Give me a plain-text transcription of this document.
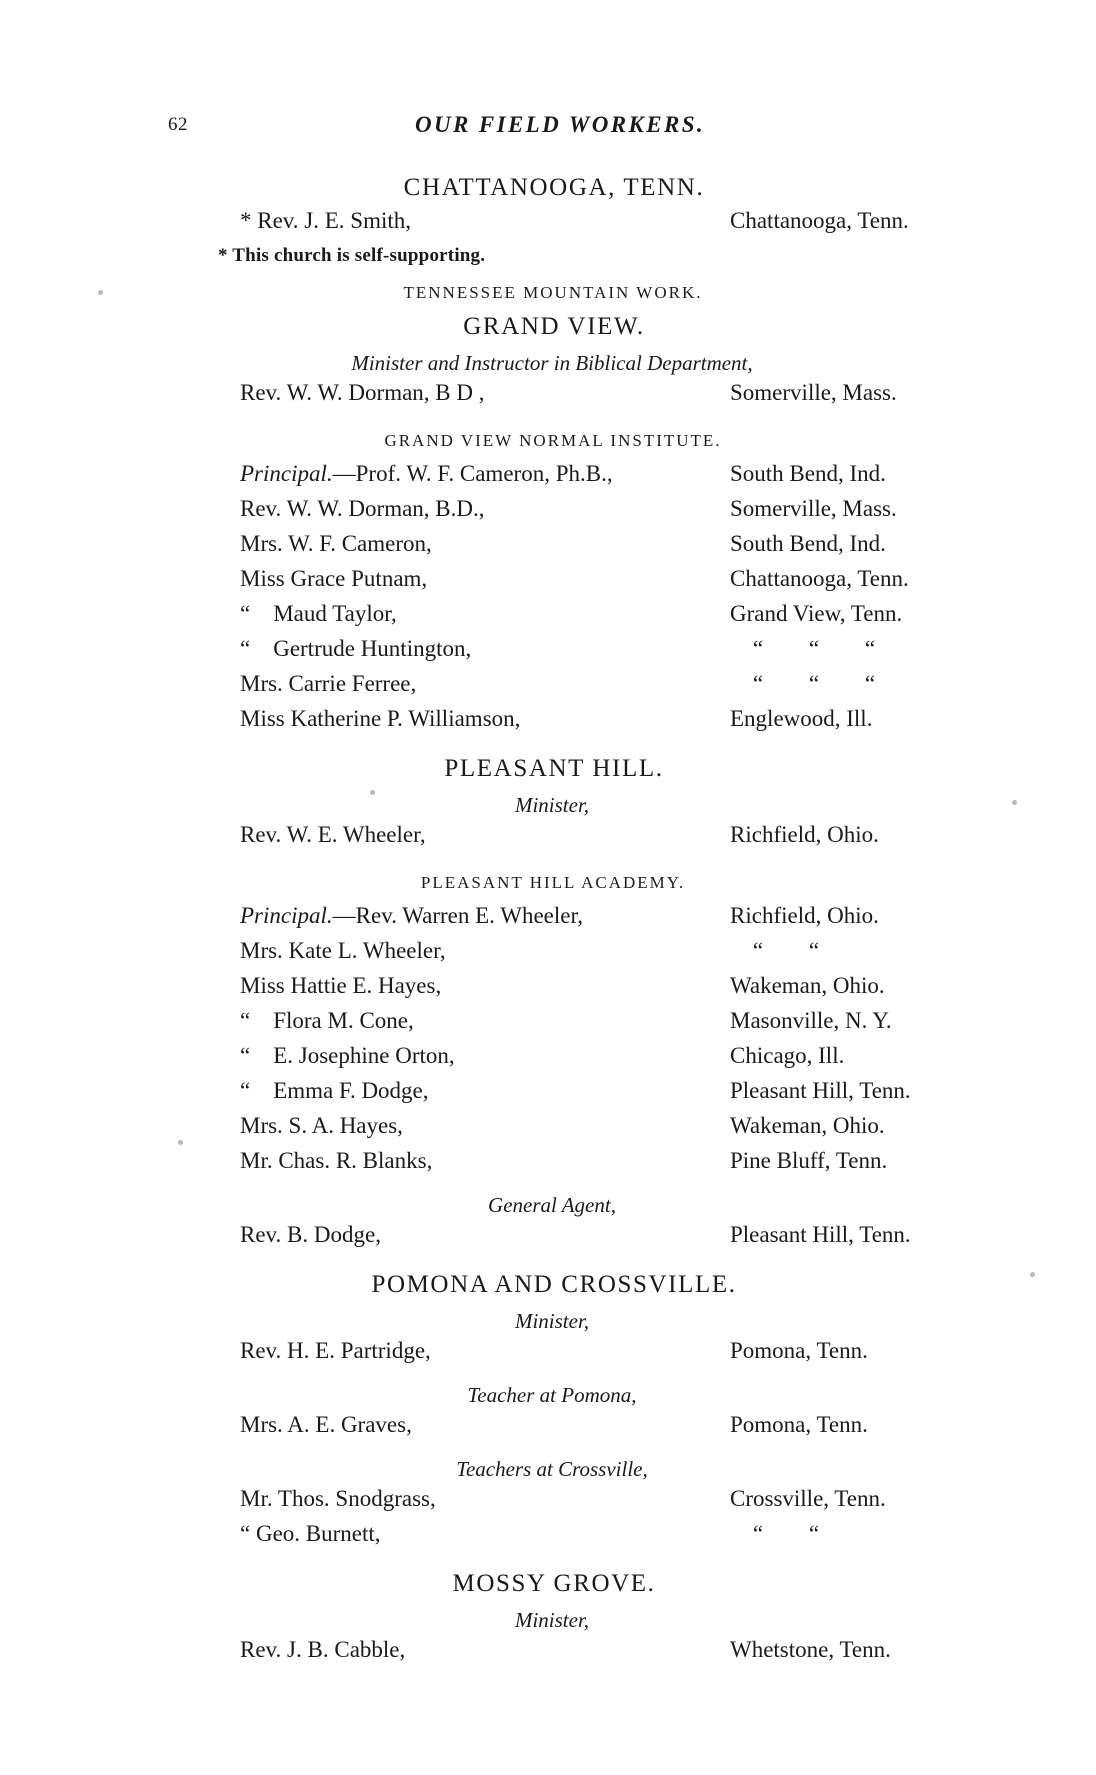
62	OUR FIELD WORKERS.
CHATTANOOGA, TENN.
* Rev. J. E. Smith,	Chattanooga, Tenn.
* This church is self-supporting.
TENNESSEE MOUNTAIN WORK.
GRAND VIEW.
Minister and Instructor in Biblical Department,
Rev. W. W. Dorman, B D ,	Somerville, Mass.
GRAND VIEW NORMAL INSTITUTE.
Principal.—Prof. W. F. Cameron, Ph.B.,	South Bend, Ind.
Rev. W. W. Dorman, B.D.,	Somerville, Mass.
Mrs. W. F. Cameron,	South Bend, Ind.
Miss Grace Putnam,	Chattanooga, Tenn.
“ Maud Taylor,	Grand View, Tenn.
“ Gertrude Huntington,	“ “ “
Mrs. Carrie Ferree,	“ “ “
Miss Katherine P. Williamson,	Englewood, Ill.
PLEASANT HILL.
Minister,
Rev. W. E. Wheeler,	Richfield, Ohio.
PLEASANT HILL ACADEMY.
Principal.—Rev. Warren E. Wheeler,	Richfield, Ohio.
Mrs. Kate L. Wheeler,	“ “
Miss Hattie E. Hayes,	Wakeman, Ohio.
“ Flora M. Cone,	Masonville, N. Y.
“ E. Josephine Orton,	Chicago, Ill.
“ Emma F. Dodge,	Pleasant Hill, Tenn.
Mrs. S. A. Hayes,	Wakeman, Ohio.
Mr. Chas. R. Blanks,	Pine Bluff, Tenn.
General Agent,
Rev. B. Dodge,	Pleasant Hill, Tenn.
POMONA AND CROSSVILLE.
Minister,
Rev. H. E. Partridge,	Pomona, Tenn.
Teacher at Pomona,
Mrs. A. E. Graves,	Pomona, Tenn.
Teachers at Crossville,
Mr. Thos. Snodgrass,	Crossville, Tenn.
“ Geo. Burnett,	“ “
MOSSY GROVE.
Minister,
Rev. J. B. Cabble,	Whetstone, Tenn.
